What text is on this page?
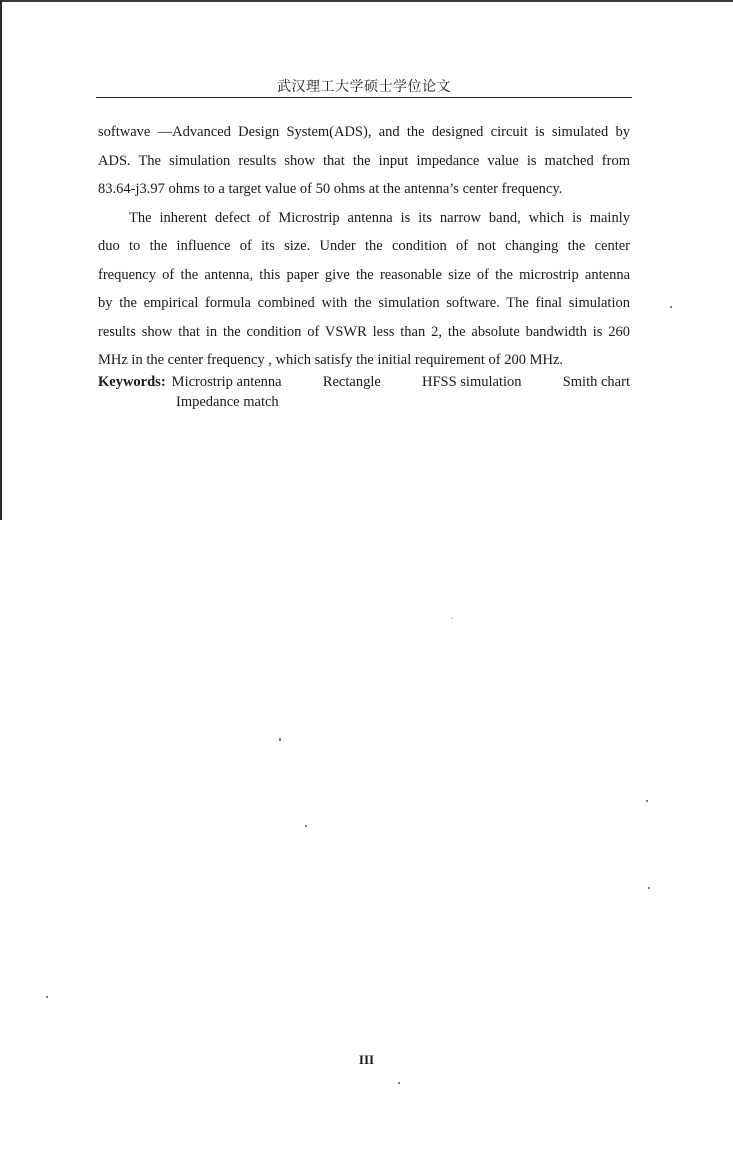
武汉理工大学硕士学位论文
softwave —Advanced Design System(ADS), and the designed circuit is simulated by
ADS. The simulation results show that the input impedance value is matched from
83.64-j3.97 ohms to a target value of 50 ohms at the antenna’s center frequency.
The inherent defect of Microstrip antenna is its narrow band, which is mainly
duo to the influence of its size. Under the condition of not changing the center
frequency of the antenna, this paper give the reasonable size of the microstrip antenna
by the empirical formula combined with the simulation software. The final simulation
results show that in the condition of VSWR less than 2, the absolute bandwidth is 260
MHz in the center frequency , which satisfy the initial requirement of 200 MHz.
Keywords: Microstrip antenna	Rectangle	HFSS simulation	Smith chart
Impedance match
III
